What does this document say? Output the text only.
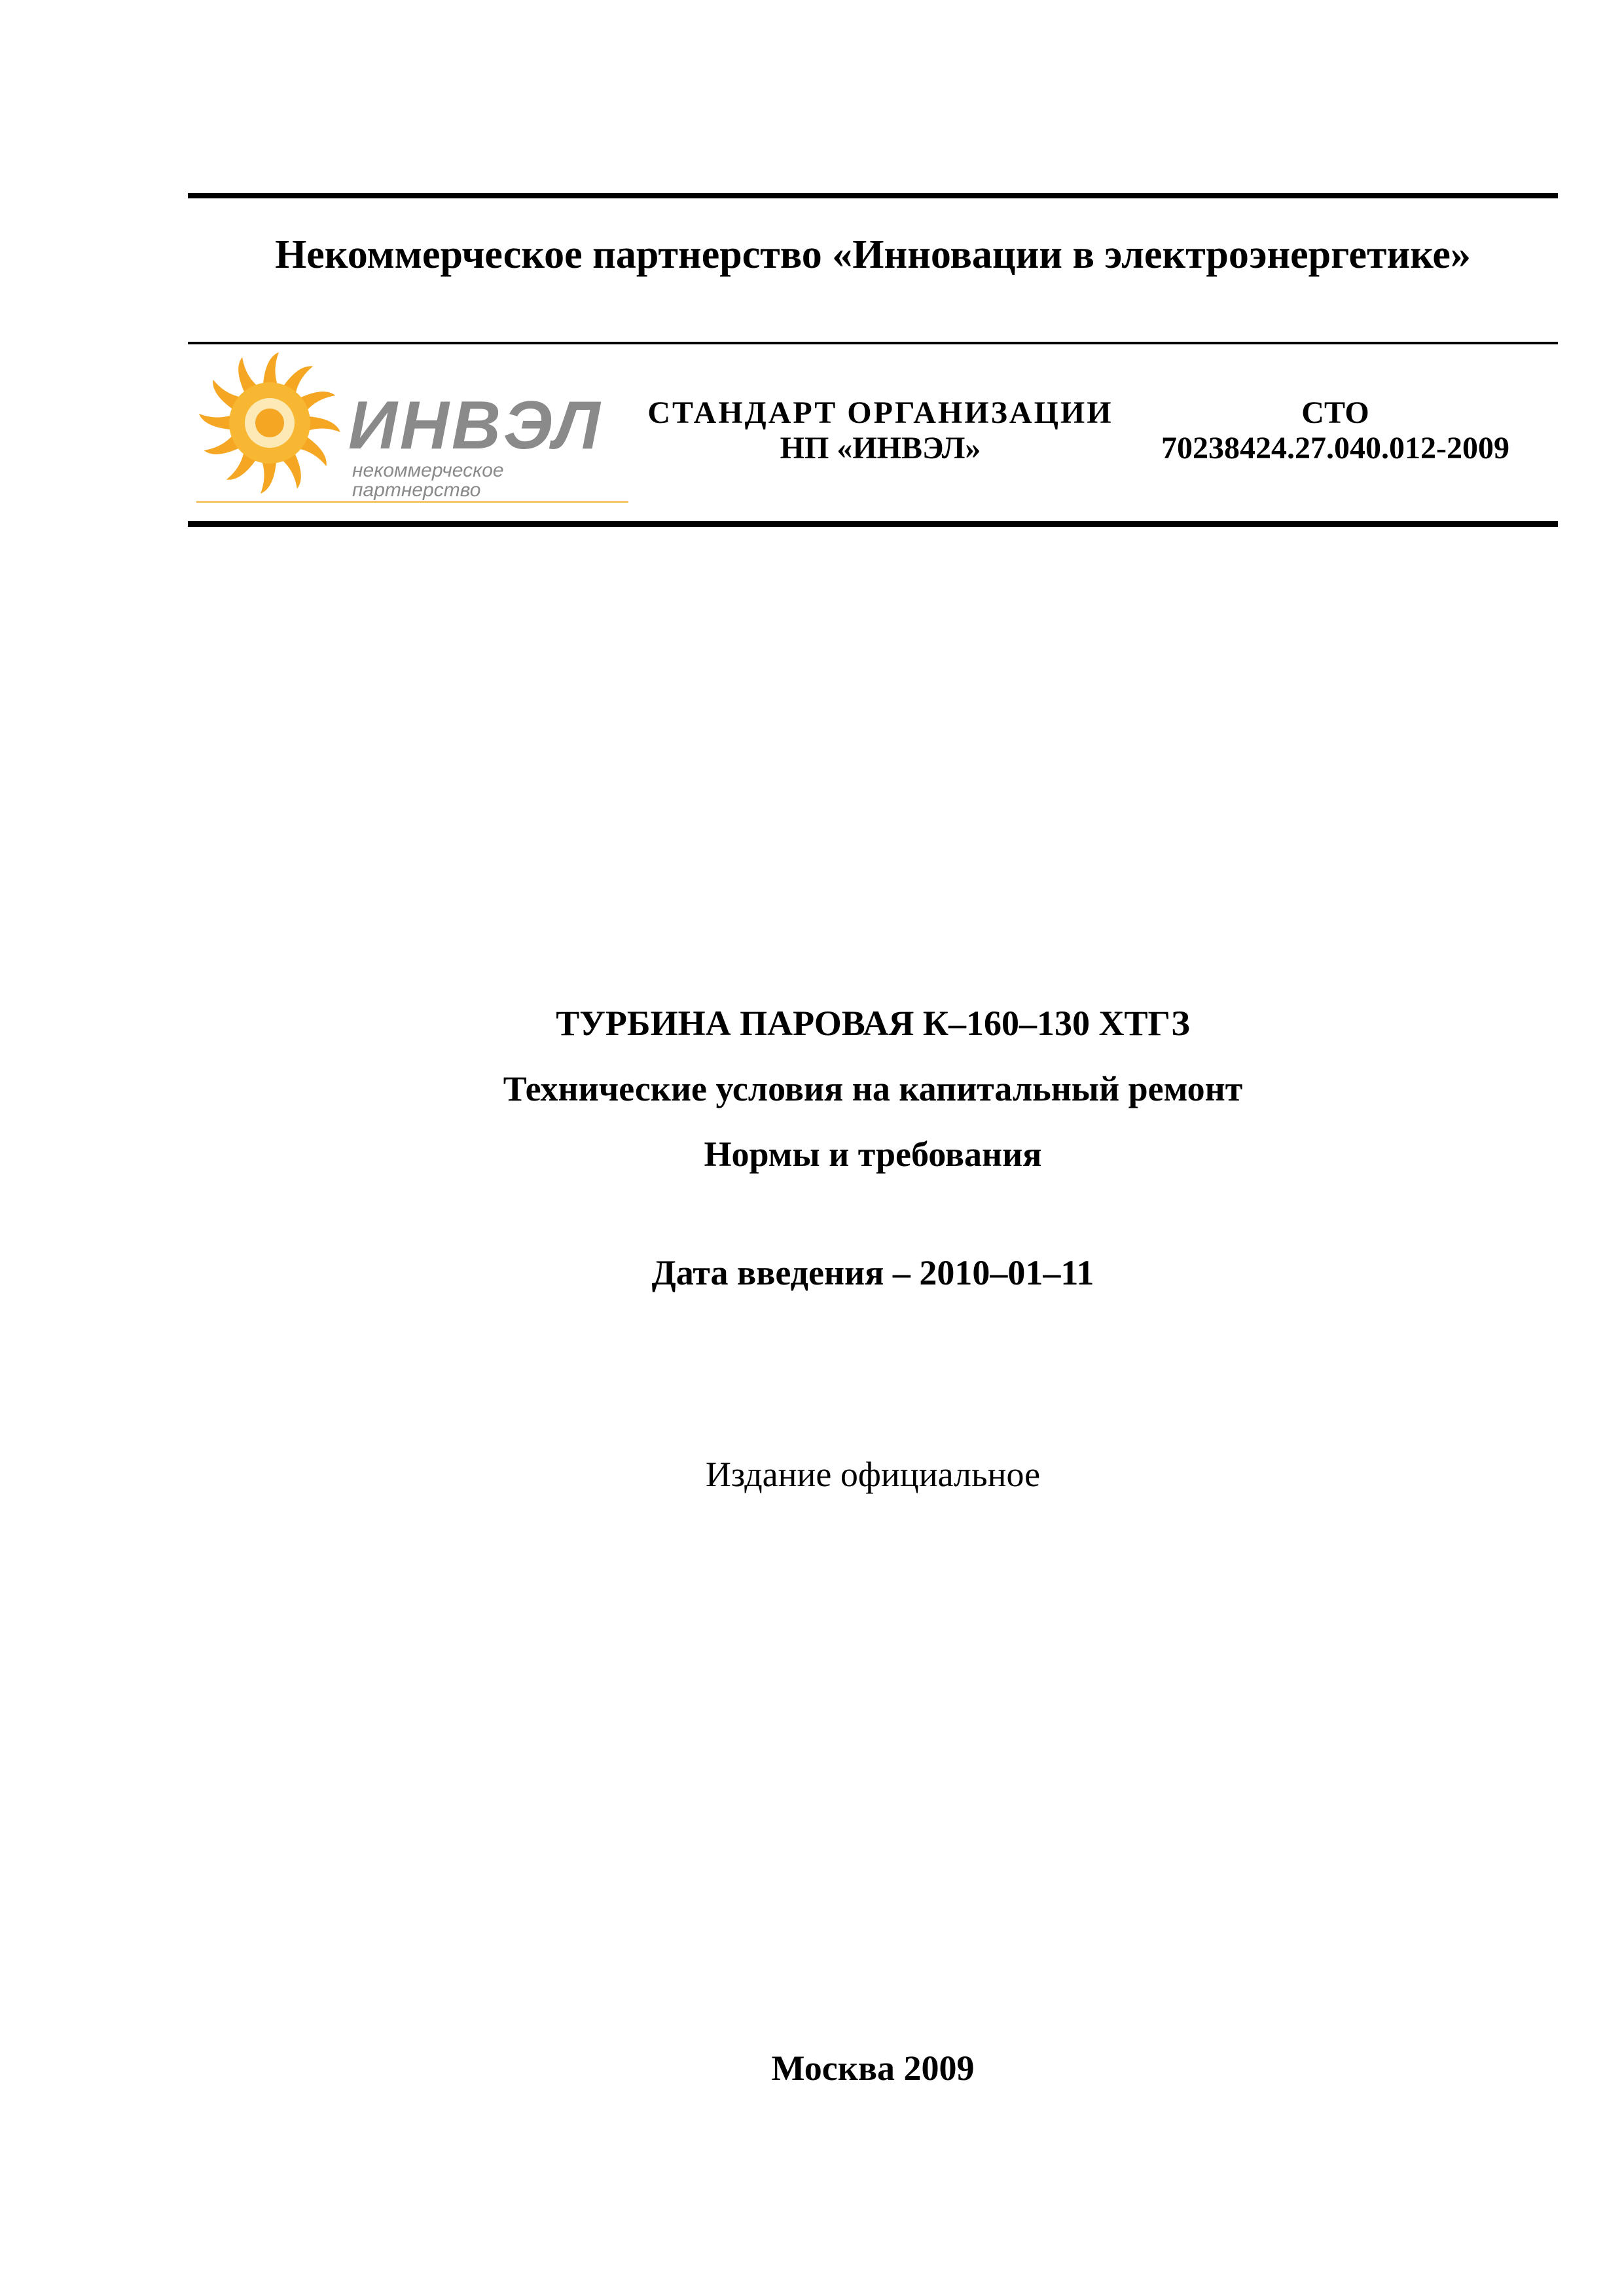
Некоммерческое партнерство «Инновации в электроэнергетике»
ИНВЭЛ
некоммерческое партнерство
СТАНДАРТ ОРГАНИЗАЦИИ
НП «ИНВЭЛ»
СТО
70238424.27.040.012-2009
ТУРБИНА ПАРОВАЯ К–160–130 ХТГЗ
Технические условия на капитальный ремонт
Нормы и требования
Дата введения – 2010–01–11
Издание официальное
Москва 2009
